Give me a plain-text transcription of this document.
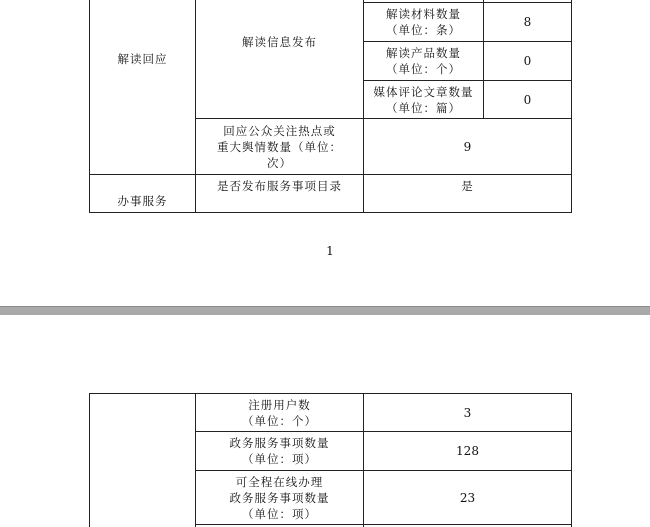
解读回应
解读信息发布
解读材料数量
（单位：条）
8
解读产品数量
（单位：个）
0
媒体评论文章数量
（单位：篇）
0
回应公众关注热点或
重大舆情数量（单位：
次）
9
办事服务
是否发布服务事项目录	是
1
注册用户数
（单位：个）
3
政务服务事项数量
（单位：项）
128
可全程在线办理
政务服务事项数量
（单位：项）
23
